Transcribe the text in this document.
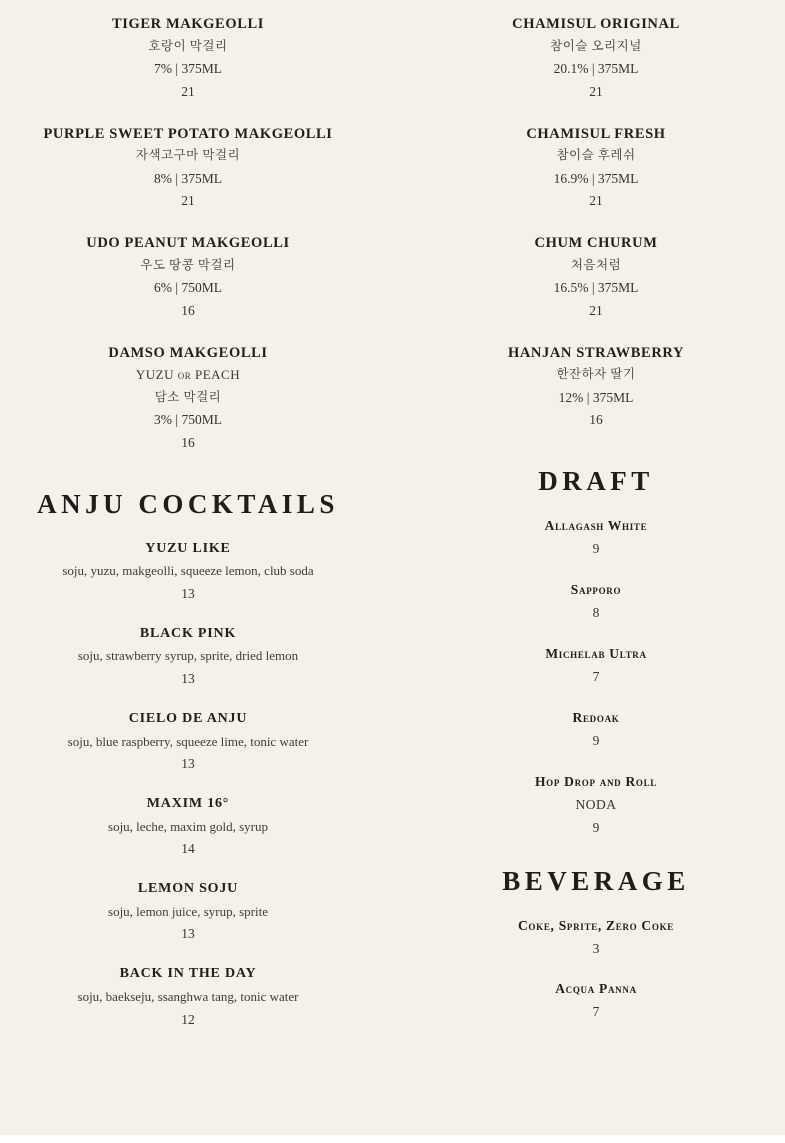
TIGER MAKGEOLLI
호랑이 막걸리
7% | 375ML
21
PURPLE SWEET POTATO MAKGEOLLI
자색고구마 막걸리
8% | 375ML
21
UDO PEANUT MAKGEOLLI
우도 땅콩 막걸리
6% | 750ML
16
DAMSO MAKGEOLLI
YUZU or PEACH
담소 막걸리
3% | 750ML
16
ANJU COCKTAILS
YUZU LIKE
soju, yuzu, makgeolli, squeeze lemon, club soda
13
BLACK PINK
soju, strawberry syrup, sprite, dried lemon
13
CIELO DE ANJU
soju, blue raspberry, squeeze lime, tonic water
13
MAXIM 16°
soju, leche, maxim gold, syrup
14
LEMON SOJU
soju, lemon juice, syrup, sprite
13
BACK IN THE DAY
soju, baekseju, ssanghwa tang, tonic water
12
CHAMISUL ORIGINAL
참이슬 오리지널
20.1% | 375ML
21
CHAMISUL FRESH
참이슬 후레쉬
16.9% | 375ML
21
CHUM CHURUM
처음처럼
16.5% | 375ML
21
HANJAN STRAWBERRY
한잔하자 딸기
12% | 375ML
16
DRAFT
Allagash White
9
Sapporo
8
Michelab Ultra
7
Redoak
9
Hop Drop and Roll
NODA
9
BEVERAGE
Coke, Sprite, Zero Coke
3
Acqua Panna
7
